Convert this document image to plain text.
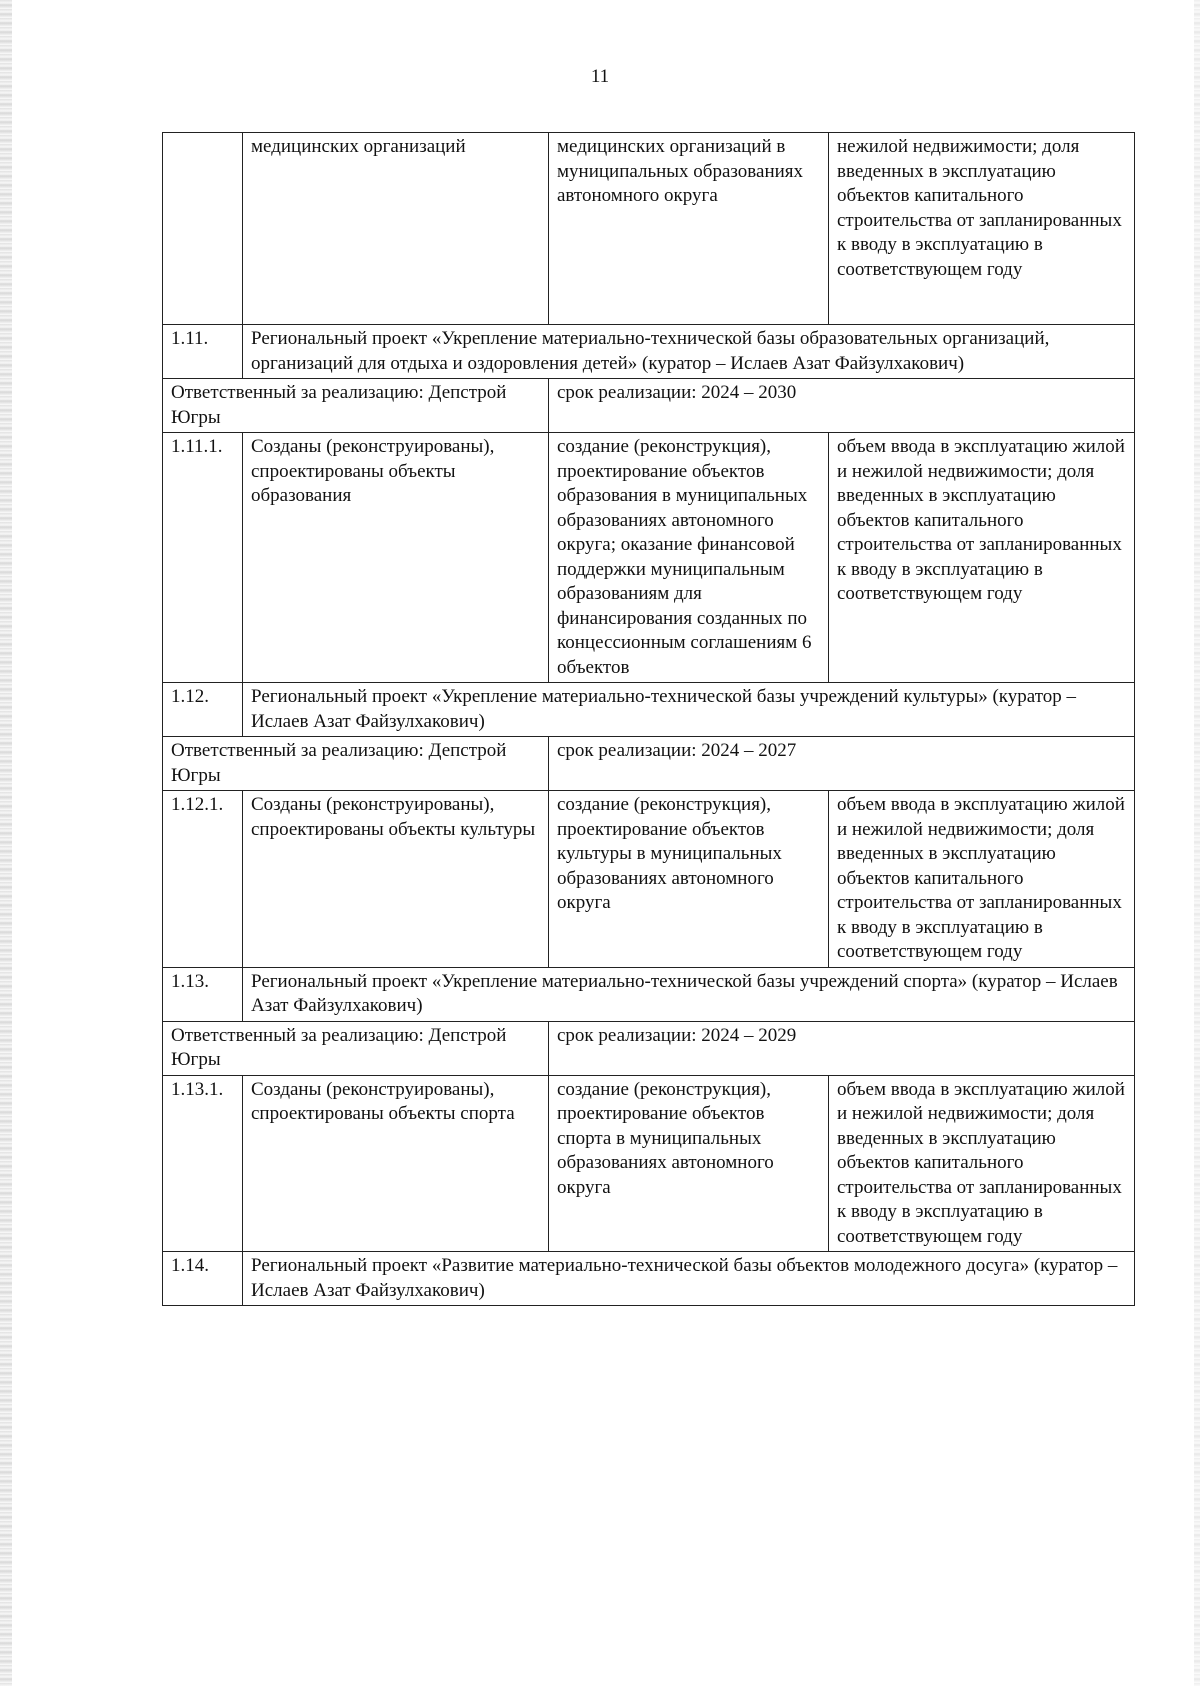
11
	медицинских организаций	медицинских организаций в муниципальных образованиях автономного округа	нежилой недвижимости; доля введенных в эксплуатацию объектов капитального строительства от запланированных к вводу в эксплуатацию в соответствующем году
1.11.	Региональный проект «Укрепление материально-технической базы образовательных организаций, организаций для отдыха и оздоровления детей» (куратор – Ислаев Азат Файзулхакович)		
Ответственный за реализацию: Депстрой Югры		срок реализации: 2024 – 2030	
1.11.1.	Созданы (реконструированы), спроектированы объекты образования	создание (реконструкция), проектирование объектов образования в муниципальных образованиях автономного округа; оказание финансовой поддержки муниципальным образованиям для финансирования созданных по концессионным соглашениям 6 объектов	объем ввода в эксплуатацию жилой и нежилой недвижимости; доля введенных в эксплуатацию объектов капитального строительства от запланированных к вводу в эксплуатацию в соответствующем году
1.12.	Региональный проект «Укрепление материально-технической базы учреждений культуры» (куратор – Ислаев Азат Файзулхакович)		
Ответственный за реализацию: Депстрой Югры		срок реализации: 2024 – 2027	
1.12.1.	Созданы (реконструированы), спроектированы объекты культуры	создание (реконструкция), проектирование объектов культуры в муниципальных образованиях автономного округа	объем ввода в эксплуатацию жилой и нежилой недвижимости; доля введенных в эксплуатацию объектов капитального строительства от запланированных к вводу в эксплуатацию в соответствующем году
1.13.	Региональный проект «Укрепление материально-технической базы учреждений спорта» (куратор – Ислаев Азат Файзулхакович)		
Ответственный за реализацию: Депстрой Югры		срок реализации: 2024 – 2029	
1.13.1.	Созданы (реконструированы), спроектированы объекты спорта	создание (реконструкция), проектирование объектов спорта в муниципальных образованиях автономного округа	объем ввода в эксплуатацию жилой и нежилой недвижимости; доля введенных в эксплуатацию объектов капитального строительства от запланированных к вводу в эксплуатацию в соответствующем году
1.14.	Региональный проект «Развитие материально-технической базы объектов молодежного досуга» (куратор – Ислаев Азат Файзулхакович)		
